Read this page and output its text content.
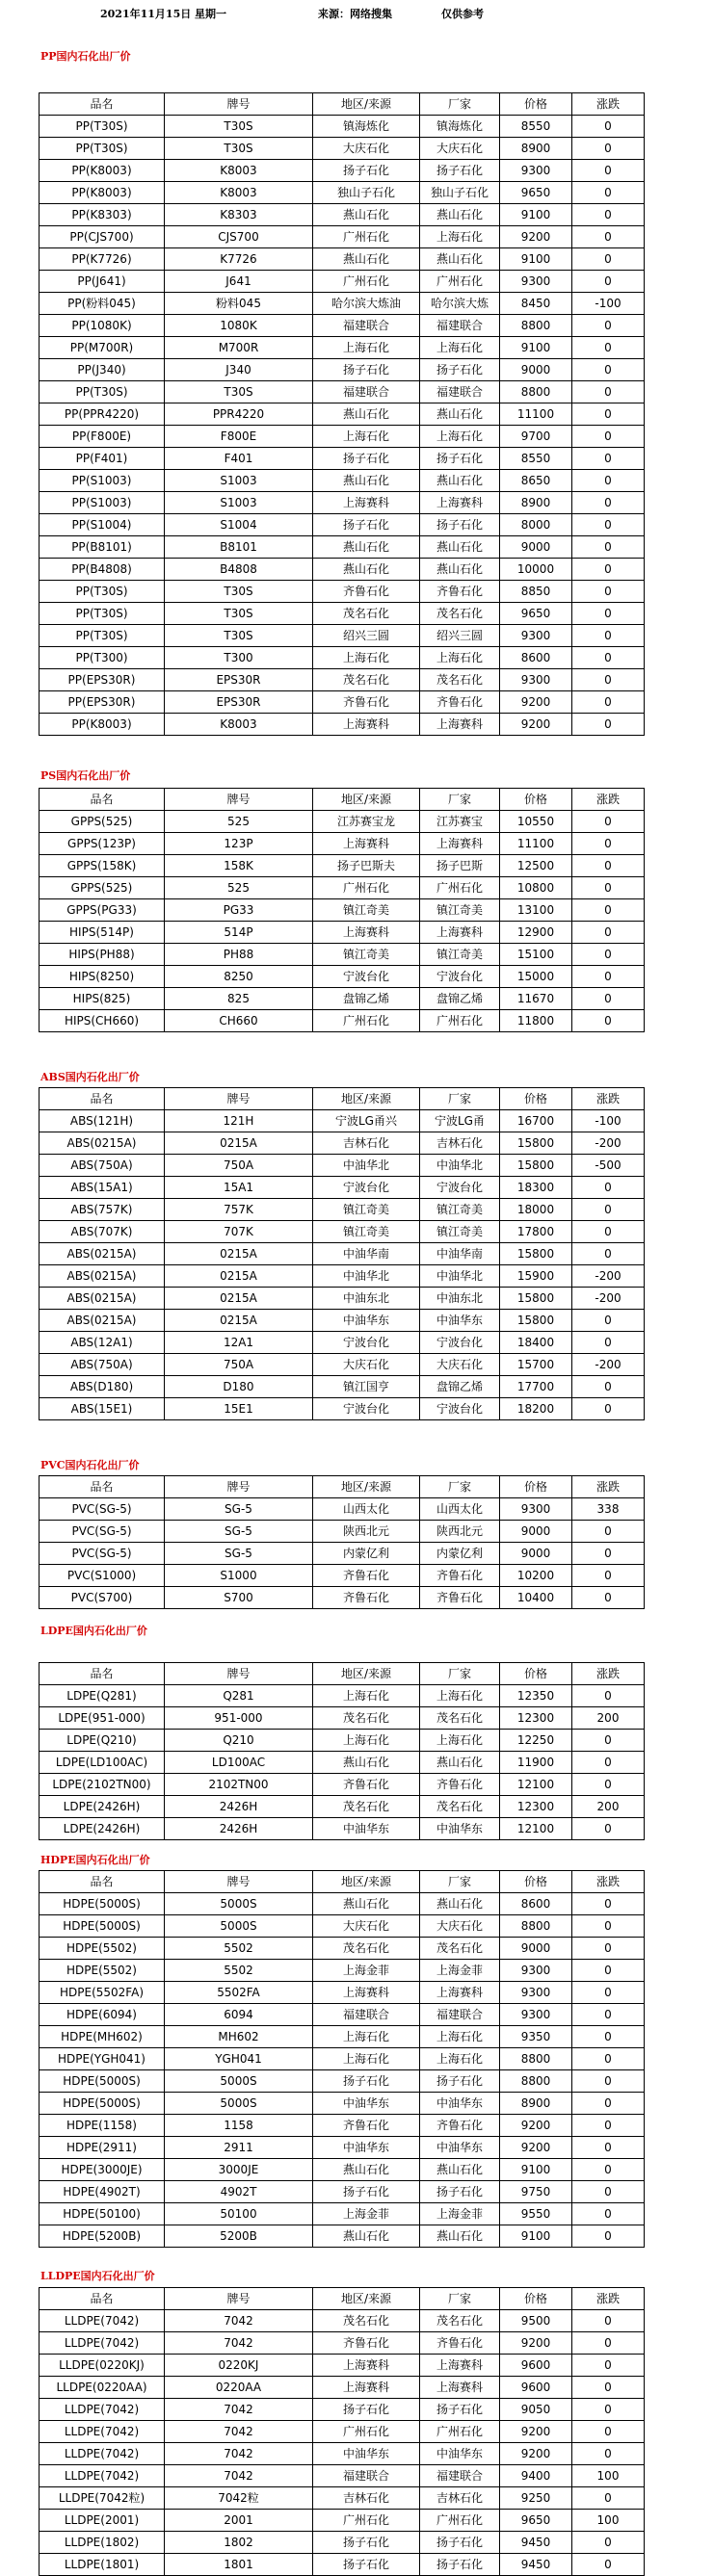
2021年11月15日 星期一	来源：网络搜集	仅供参考
PP国内石化出厂价
品名	牌号	地区/来源	厂家	价格	涨跌
PP(T30S)	T30S	镇海炼化	镇海炼化	8550	0
PP(T30S)	T30S	大庆石化	大庆石化	8900	0
PP(K8003)	K8003	扬子石化	扬子石化	9300	0
PP(K8003)	K8003	独山子石化	独山子石化	9650	0
PP(K8303)	K8303	燕山石化	燕山石化	9100	0
PP(CJS700)	CJS700	广州石化	上海石化	9200	0
PP(K7726)	K7726	燕山石化	燕山石化	9100	0
PP(J641)	J641	广州石化	广州石化	9300	0
PP(粉料045)	粉料045	哈尔滨大炼油	哈尔滨大炼	8450	-100
PP(1080K)	1080K	福建联合	福建联合	8800	0
PP(M700R)	M700R	上海石化	上海石化	9100	0
PP(J340)	J340	扬子石化	扬子石化	9000	0
PP(T30S)	T30S	福建联合	福建联合	8800	0
PP(PPR4220)	PPR4220	燕山石化	燕山石化	11100	0
PP(F800E)	F800E	上海石化	上海石化	9700	0
PP(F401)	F401	扬子石化	扬子石化	8550	0
PP(S1003)	S1003	燕山石化	燕山石化	8650	0
PP(S1003)	S1003	上海赛科	上海赛科	8900	0
PP(S1004)	S1004	扬子石化	扬子石化	8000	0
PP(B8101)	B8101	燕山石化	燕山石化	9000	0
PP(B4808)	B4808	燕山石化	燕山石化	10000	0
PP(T30S)	T30S	齐鲁石化	齐鲁石化	8850	0
PP(T30S)	T30S	茂名石化	茂名石化	9650	0
PP(T30S)	T30S	绍兴三圆	绍兴三圆	9300	0
PP(T300)	T300	上海石化	上海石化	8600	0
PP(EPS30R)	EPS30R	茂名石化	茂名石化	9300	0
PP(EPS30R)	EPS30R	齐鲁石化	齐鲁石化	9200	0
PP(K8003)	K8003	上海赛科	上海赛科	9200	0
PS国内石化出厂价
品名	牌号	地区/来源	厂家	价格	涨跌
GPPS(525)	525	江苏赛宝龙	江苏赛宝	10550	0
GPPS(123P)	123P	上海赛科	上海赛科	11100	0
GPPS(158K)	158K	扬子巴斯夫	扬子巴斯	12500	0
GPPS(525)	525	广州石化	广州石化	10800	0
GPPS(PG33)	PG33	镇江奇美	镇江奇美	13100	0
HIPS(514P)	514P	上海赛科	上海赛科	12900	0
HIPS(PH88)	PH88	镇江奇美	镇江奇美	15100	0
HIPS(8250)	8250	宁波台化	宁波台化	15000	0
HIPS(825)	825	盘锦乙烯	盘锦乙烯	11670	0
HIPS(CH660)	CH660	广州石化	广州石化	11800	0
ABS国内石化出厂价
品名	牌号	地区/来源	厂家	价格	涨跌
ABS(121H)	121H	宁波LG甬兴	宁波LG甬	16700	-100
ABS(0215A)	0215A	吉林石化	吉林石化	15800	-200
ABS(750A)	750A	中油华北	中油华北	15800	-500
ABS(15A1)	15A1	宁波台化	宁波台化	18300	0
ABS(757K)	757K	镇江奇美	镇江奇美	18000	0
ABS(707K)	707K	镇江奇美	镇江奇美	17800	0
ABS(0215A)	0215A	中油华南	中油华南	15800	0
ABS(0215A)	0215A	中油华北	中油华北	15900	-200
ABS(0215A)	0215A	中油东北	中油东北	15800	-200
ABS(0215A)	0215A	中油华东	中油华东	15800	0
ABS(12A1)	12A1	宁波台化	宁波台化	18400	0
ABS(750A)	750A	大庆石化	大庆石化	15700	-200
ABS(D180)	D180	镇江国亨	盘锦乙烯	17700	0
ABS(15E1)	15E1	宁波台化	宁波台化	18200	0
PVC国内石化出厂价
品名	牌号	地区/来源	厂家	价格	涨跌
PVC(SG-5)	SG-5	山西太化	山西太化	9300	338
PVC(SG-5)	SG-5	陕西北元	陕西北元	9000	0
PVC(SG-5)	SG-5	内蒙亿利	内蒙亿利	9000	0
PVC(S1000)	S1000	齐鲁石化	齐鲁石化	10200	0
PVC(S700)	S700	齐鲁石化	齐鲁石化	10400	0
LDPE国内石化出厂价
品名	牌号	地区/来源	厂家	价格	涨跌
LDPE(Q281)	Q281	上海石化	上海石化	12350	0
LDPE(951-000)	951-000	茂名石化	茂名石化	12300	200
LDPE(Q210)	Q210	上海石化	上海石化	12250	0
LDPE(LD100AC)	LD100AC	燕山石化	燕山石化	11900	0
LDPE(2102TN00)	2102TN00	齐鲁石化	齐鲁石化	12100	0
LDPE(2426H)	2426H	茂名石化	茂名石化	12300	200
LDPE(2426H)	2426H	中油华东	中油华东	12100	0
HDPE国内石化出厂价
品名	牌号	地区/来源	厂家	价格	涨跌
HDPE(5000S)	5000S	燕山石化	燕山石化	8600	0
HDPE(5000S)	5000S	大庆石化	大庆石化	8800	0
HDPE(5502)	5502	茂名石化	茂名石化	9000	0
HDPE(5502)	5502	上海金菲	上海金菲	9300	0
HDPE(5502FA)	5502FA	上海赛科	上海赛科	9300	0
HDPE(6094)	6094	福建联合	福建联合	9300	0
HDPE(MH602)	MH602	上海石化	上海石化	9350	0
HDPE(YGH041)	YGH041	上海石化	上海石化	8800	0
HDPE(5000S)	5000S	扬子石化	扬子石化	8800	0
HDPE(5000S)	5000S	中油华东	中油华东	8900	0
HDPE(1158)	1158	齐鲁石化	齐鲁石化	9200	0
HDPE(2911)	2911	中油华东	中油华东	9200	0
HDPE(3000JE)	3000JE	燕山石化	燕山石化	9100	0
HDPE(4902T)	4902T	扬子石化	扬子石化	9750	0
HDPE(50100)	50100	上海金菲	上海金菲	9550	0
HDPE(5200B)	5200B	燕山石化	燕山石化	9100	0
LLDPE国内石化出厂价
品名	牌号	地区/来源	厂家	价格	涨跌
LLDPE(7042)	7042	茂名石化	茂名石化	9500	0
LLDPE(7042)	7042	齐鲁石化	齐鲁石化	9200	0
LLDPE(0220KJ)	0220KJ	上海赛科	上海赛科	9600	0
LLDPE(0220AA)	0220AA	上海赛科	上海赛科	9600	0
LLDPE(7042)	7042	扬子石化	扬子石化	9050	0
LLDPE(7042)	7042	广州石化	广州石化	9200	0
LLDPE(7042)	7042	中油华东	中油华东	9200	0
LLDPE(7042)	7042	福建联合	福建联合	9400	100
LLDPE(7042粒)	7042粒	吉林石化	吉林石化	9250	0
LLDPE(2001)	2001	广州石化	广州石化	9650	100
LLDPE(1802)	1802	扬子石化	扬子石化	9450	0
LLDPE(1801)	1801	扬子石化	扬子石化	9450	0
